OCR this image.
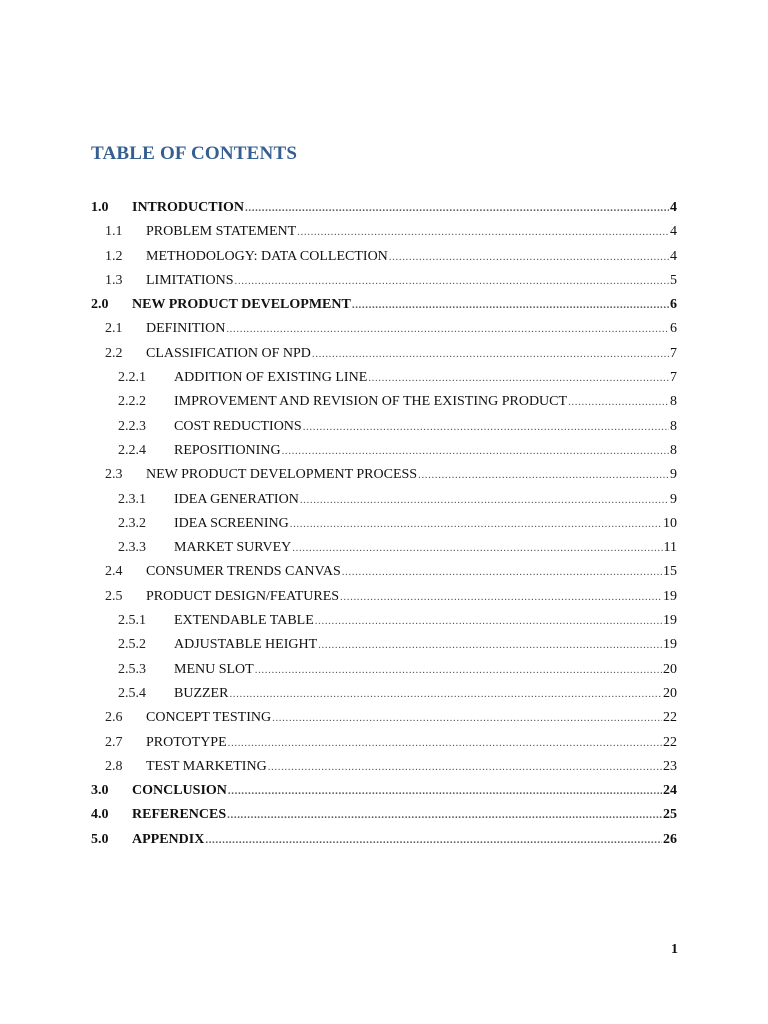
TABLE OF CONTENTS
1.0 INTRODUCTION .....	4
1.1 PROBLEM STATEMENT .....	4
1.2 METHODOLOGY: DATA COLLECTION .....	4
1.3 LIMITATIONS .....	5
2.0 NEW PRODUCT DEVELOPMENT .....	6
2.1 DEFINITION .....	6
2.2 CLASSIFICATION OF NPD .....	7
2.2.1 ADDITION OF EXISTING LINE .....	7
2.2.2 IMPROVEMENT AND REVISION OF THE EXISTING PRODUCT .....	8
2.2.3 COST REDUCTIONS .....	8
2.2.4 REPOSITIONING .....	8
2.3 NEW PRODUCT DEVELOPMENT PROCESS .....	9
2.3.1 IDEA GENERATION .....	9
2.3.2 IDEA SCREENING .....	10
2.3.3 MARKET SURVEY .....	11
2.4 CONSUMER TRENDS CANVAS .....	15
2.5 PRODUCT DESIGN/FEATURES .....	19
2.5.1 EXTENDABLE TABLE .....	19
2.5.2 ADJUSTABLE HEIGHT .....	19
2.5.3 MENU SLOT .....	20
2.5.4 BUZZER .....	20
2.6 CONCEPT TESTING .....	22
2.7 PROTOTYPE .....	22
2.8 TEST MARKETING .....	23
3.0 CONCLUSION .....	24
4.0 REFERENCES .....	25
5.0 APPENDIX .....	26
1
